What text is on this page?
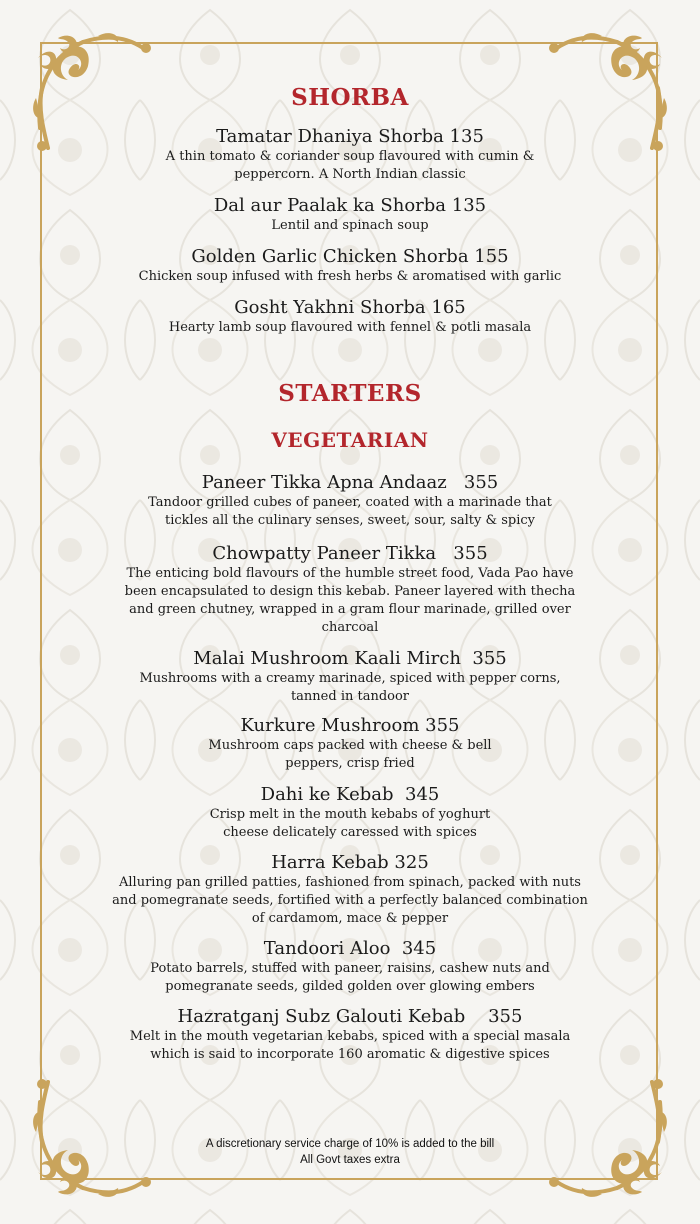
SHORBA
Tamatar Dhaniya Shorba 135
A thin tomato & coriander soup flavoured with cumin & peppercorn. A North Indian classic
Dal aur Paalak ka Shorba 135
Lentil and spinach soup
Golden Garlic Chicken Shorba 155
Chicken soup infused with fresh herbs & aromatised with garlic
Gosht Yakhni Shorba 165
Hearty lamb soup flavoured with fennel & potli masala
STARTERS
VEGETARIAN
Paneer Tikka Apna Andaaz   355
Tandoor grilled cubes of paneer, coated with a marinade that tickles all the culinary senses, sweet, sour, salty & spicy
Chowpatty Paneer Tikka   355
The enticing bold flavours of the humble street food, Vada Pao have been encapsulated to design this kebab. Paneer layered with thecha and green chutney, wrapped in a gram flour marinade, grilled over charcoal
Malai Mushroom Kaali Mirch  355
Mushrooms with a creamy marinade, spiced with pepper corns, tanned in tandoor
Kurkure Mushroom 355
Mushroom caps packed with cheese & bell peppers, crisp fried
Dahi ke Kebab  345
Crisp melt in the mouth kebabs of yoghurt cheese delicately caressed with spices
Harra Kebab 325
Alluring pan grilled patties, fashioned from spinach, packed with nuts and pomegranate seeds, fortified with a perfectly balanced combination of cardamom, mace & pepper
Tandoori Aloo  345
Potato barrels, stuffed with paneer, raisins, cashew nuts and pomegranate seeds, gilded golden over glowing embers
Hazratganj Subz Galouti Kebab    355
Melt in the mouth vegetarian kebabs, spiced with a special masala which is said to incorporate 160 aromatic & digestive spices
A discretionary service charge of 10% is added to the bill
All Govt taxes extra
